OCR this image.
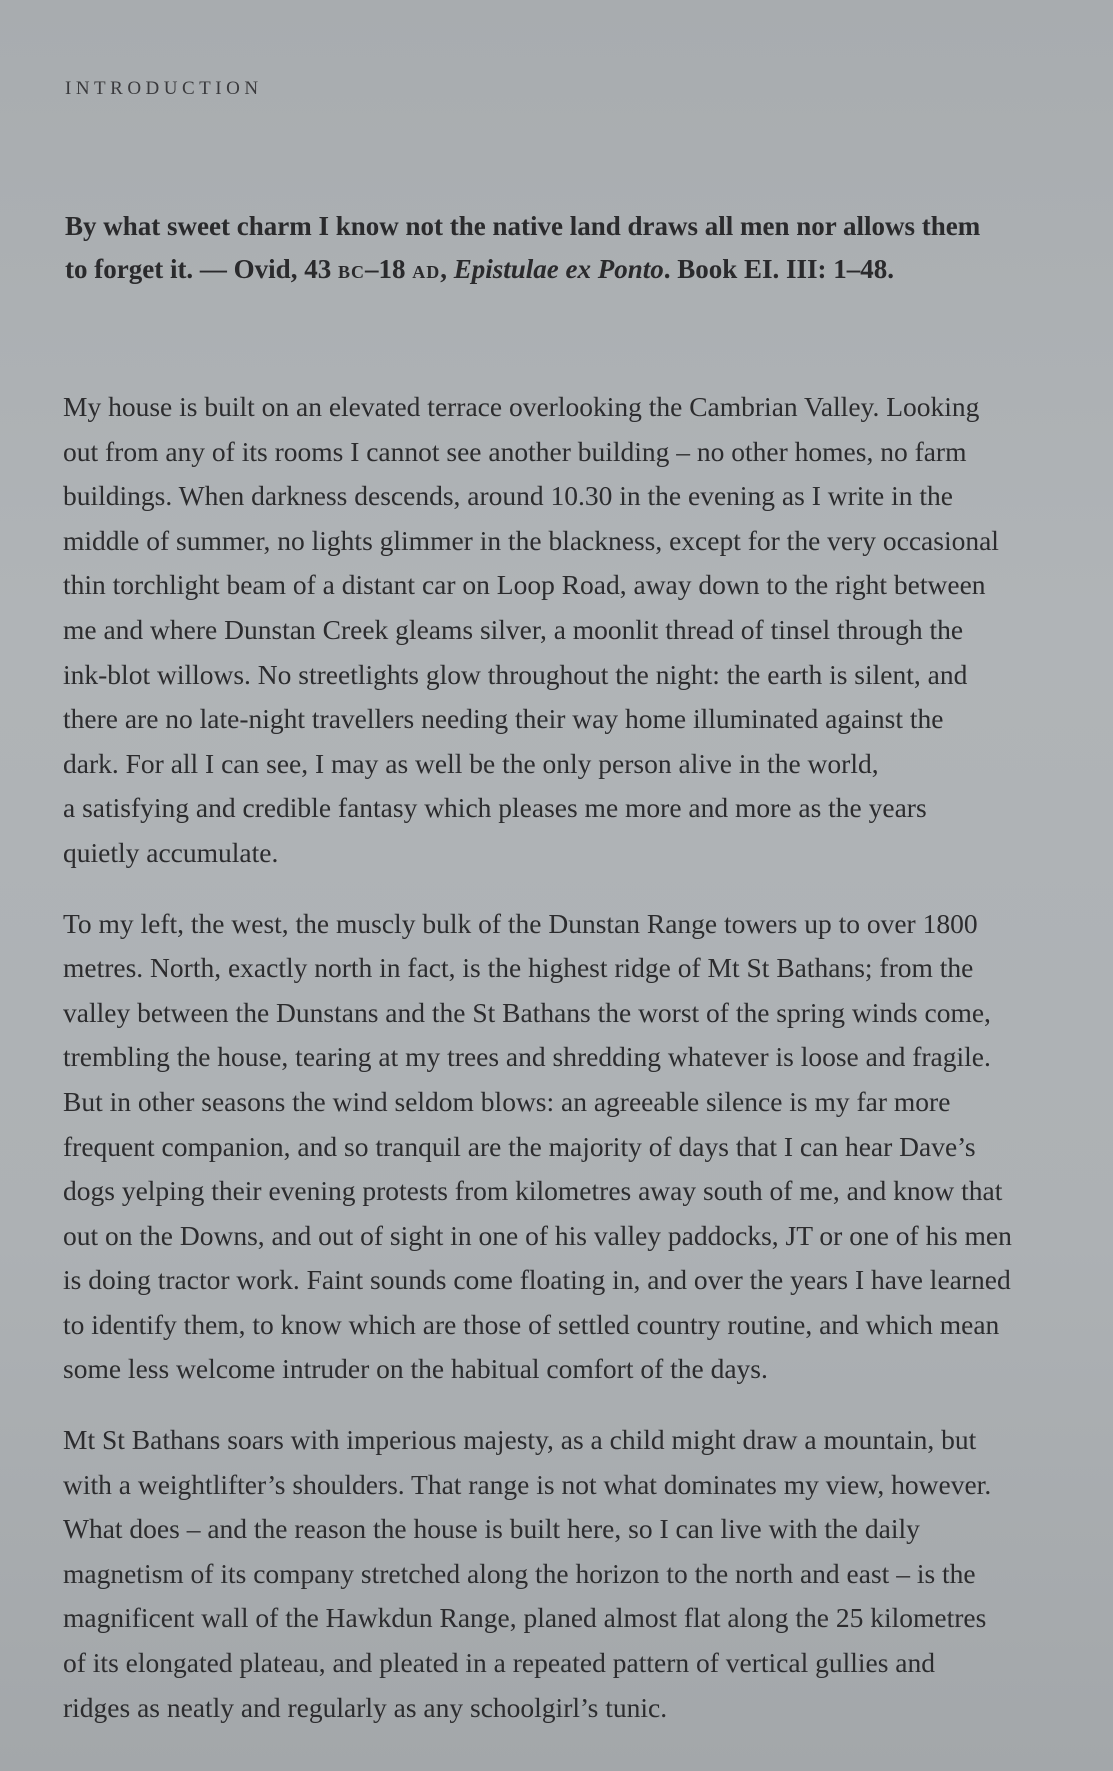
INTRODUCTION

By what sweet charm I know not the native land draws all men nor allows them
to forget it. — Ovid, 43 BC–18 AD, Epistulae ex Ponto. Book EI. III: 1–48.

My house is built on an elevated terrace overlooking the Cambrian Valley. Looking
out from any of its rooms I cannot see another building – no other homes, no farm
buildings. When darkness descends, around 10.30 in the evening as I write in the
middle of summer, no lights glimmer in the blackness, except for the very occasional
thin torchlight beam of a distant car on Loop Road, away down to the right between
me and where Dunstan Creek gleams silver, a moonlit thread of tinsel through the
ink-blot willows. No streetlights glow throughout the night: the earth is silent, and
there are no late-night travellers needing their way home illuminated against the
dark. For all I can see, I may as well be the only person alive in the world,
a satisfying and credible fantasy which pleases me more and more as the years
quietly accumulate.

To my left, the west, the muscly bulk of the Dunstan Range towers up to over 1800
metres. North, exactly north in fact, is the highest ridge of Mt St Bathans; from the
valley between the Dunstans and the St Bathans the worst of the spring winds come,
trembling the house, tearing at my trees and shredding whatever is loose and fragile.
But in other seasons the wind seldom blows: an agreeable silence is my far more
frequent companion, and so tranquil are the majority of days that I can hear Dave’s
dogs yelping their evening protests from kilometres away south of me, and know that
out on the Downs, and out of sight in one of his valley paddocks, JT or one of his men
is doing tractor work. Faint sounds come floating in, and over the years I have learned
to identify them, to know which are those of settled country routine, and which mean
some less welcome intruder on the habitual comfort of the days.

Mt St Bathans soars with imperious majesty, as a child might draw a mountain, but
with a weightlifter’s shoulders. That range is not what dominates my view, however.
What does – and the reason the house is built here, so I can live with the daily
magnetism of its company stretched along the horizon to the north and east – is the
magnificent wall of the Hawkdun Range, planed almost flat along the 25 kilometres
of its elongated plateau, and pleated in a repeated pattern of vertical gullies and
ridges as neatly and regularly as any schoolgirl’s tunic.
